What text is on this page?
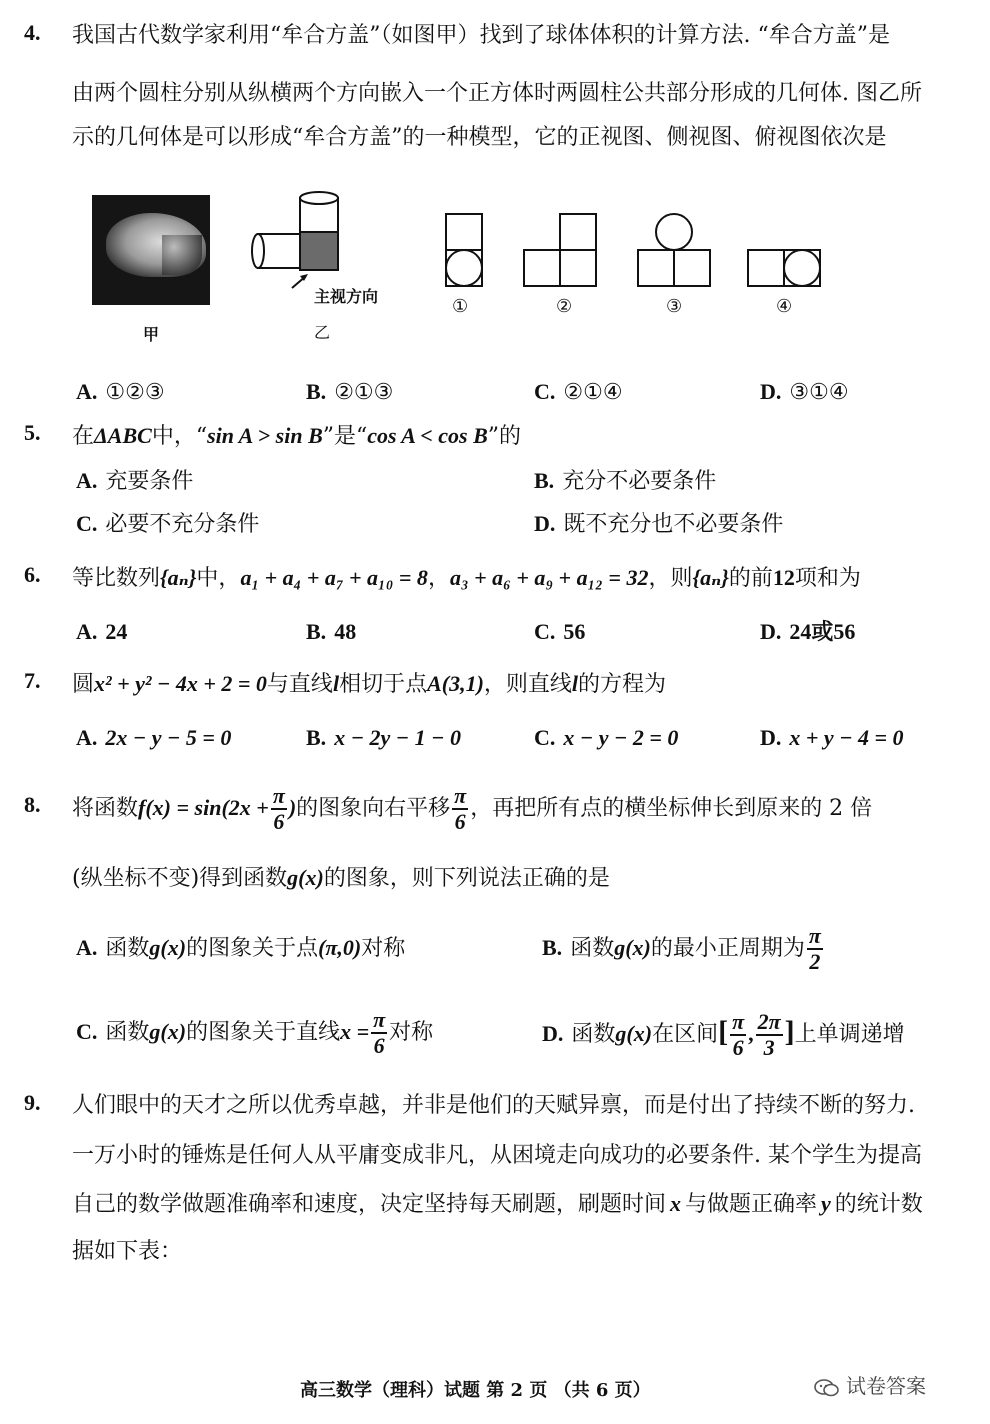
4. 我国古代数学家利用“牟合方盖”（如图甲）找到了球体体积的计算方法. “牟合方盖”是
由两个圆柱分别从纵横两个方向嵌入一个正方体时两圆柱公共部分形成的几何体. 图乙所
示的几何体是可以形成“牟合方盖”的一种模型，它的正视图、侧视图、俯视图依次是
甲
主视方向
乙
①	②	③	④
A. ①②③	B. ②①③	C. ②①④	D. ③①④
5. 在ΔABC中，“sin A > sin B”是“cos A < cos B”的
A. 充要条件	B. 充分不必要条件
C. 必要不充分条件	D. 既不充分也不必要条件
6. 等比数列{aₙ}中，a₁ + a₄ + a₇ + a₁₀ = 8，a₃ + a₆ + a₉ + a₁₂ = 32，则{aₙ}的前12项和为
A. 24	B. 48	C. 56	D. 24或56
7. 圆x² + y² − 4x + 2 = 0与直线l相切于点A(3,1)，则直线l的方程为
A. 2x − y − 5 = 0	B. x − 2y − 1 − 0	C. x − y − 2 = 0	D. x + y − 4 = 0
8. 将函数$f(x) = \sin(2x + \frac{\pi}{6}$ )的图象向右平移 $\frac{\pi}{6}$ ，再把所有点的横坐标伸长到原来的 2 倍
(纵坐标不变)得到函数g(x)的图象，则下列说法正确的是
A. 函数g(x)的图象关于点(π,0)对称	B. 函数g(x)的最小正周期为 $\frac{\pi}{2}$
C. 函数g(x)的图象关于直线$x = \frac{\pi}{6}$ 对称	D. 函数g(x)在区间[ $\frac{\pi}{6}$ , $\frac{2\pi}{3}$ ]上单调递增
9. 人们眼中的天才之所以优秀卓越，并非是他们的天赋异禀，而是付出了持续不断的努力.
一万小时的锤炼是任何人从平庸变成非凡，从困境走向成功的必要条件. 某个学生为提高
自己的数学做题准确率和速度，决定坚持每天刷题，刷题时间 x 与做题正确率 y 的统计数
据如下表：
高三数学（理科）试题 第 2 页 （共 6 页）	试卷答案
